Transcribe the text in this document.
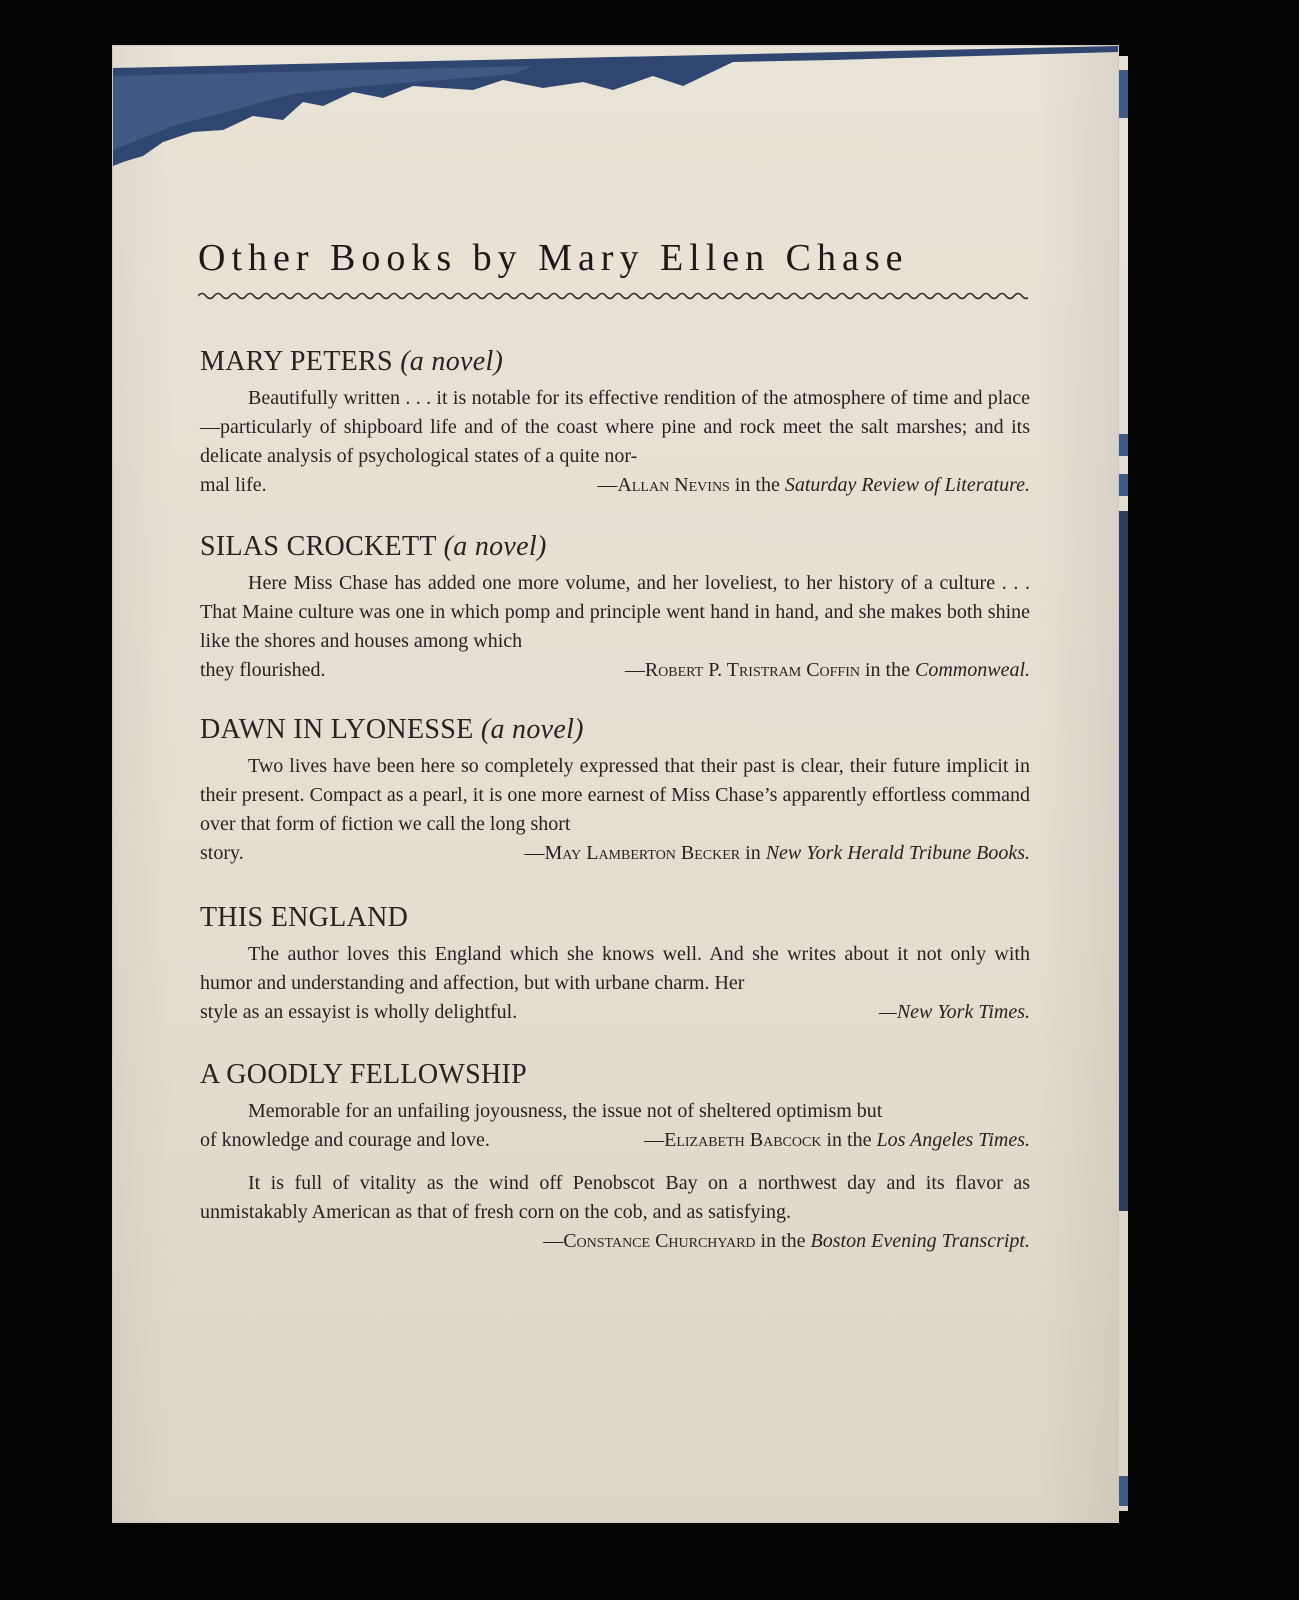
Other Books by Mary Ellen Chase
MARY PETERS (a novel)

Beautifully written . . . it is notable for its effective rendition of the atmosphere of time and place—particularly of shipboard life and of the coast where pine and rock meet the salt marshes; and its delicate analysis of psychological states of a quite nor-

mal life.	—Allan Nevins in the Saturday Review of Literature.
SILAS CROCKETT (a novel)

Here Miss Chase has added one more volume, and her loveliest, to her history of a culture . . . That Maine culture was one in which pomp and principle went hand in hand, and she makes both shine like the shores and houses among which

they flourished.	—Robert P. Tristram Coffin in the Commonweal.
DAWN IN LYONESSE (a novel)

Two lives have been here so completely expressed that their past is clear, their future implicit in their present. Compact as a pearl, it is one more earnest of Miss Chase’s apparently effortless command over that form of fiction we call the long short

story.	—May Lamberton Becker in New York Herald Tribune Books.
THIS ENGLAND

The author loves this England which she knows well. And she writes about it not only with humor and understanding and affection, but with urbane charm. Her

style as an essayist is wholly delightful.	—New York Times.
A GOODLY FELLOWSHIP

Memorable for an unfailing joyousness, the issue not of sheltered optimism but

of knowledge and courage and love.	—Elizabeth Babcock in the Los Angeles Times.

It is full of vitality as the wind off Penobscot Bay on a northwest day and its flavor as unmistakably American as that of fresh corn on the cob, and as satisfying.

—Constance Churchyard in the Boston Evening Transcript.
